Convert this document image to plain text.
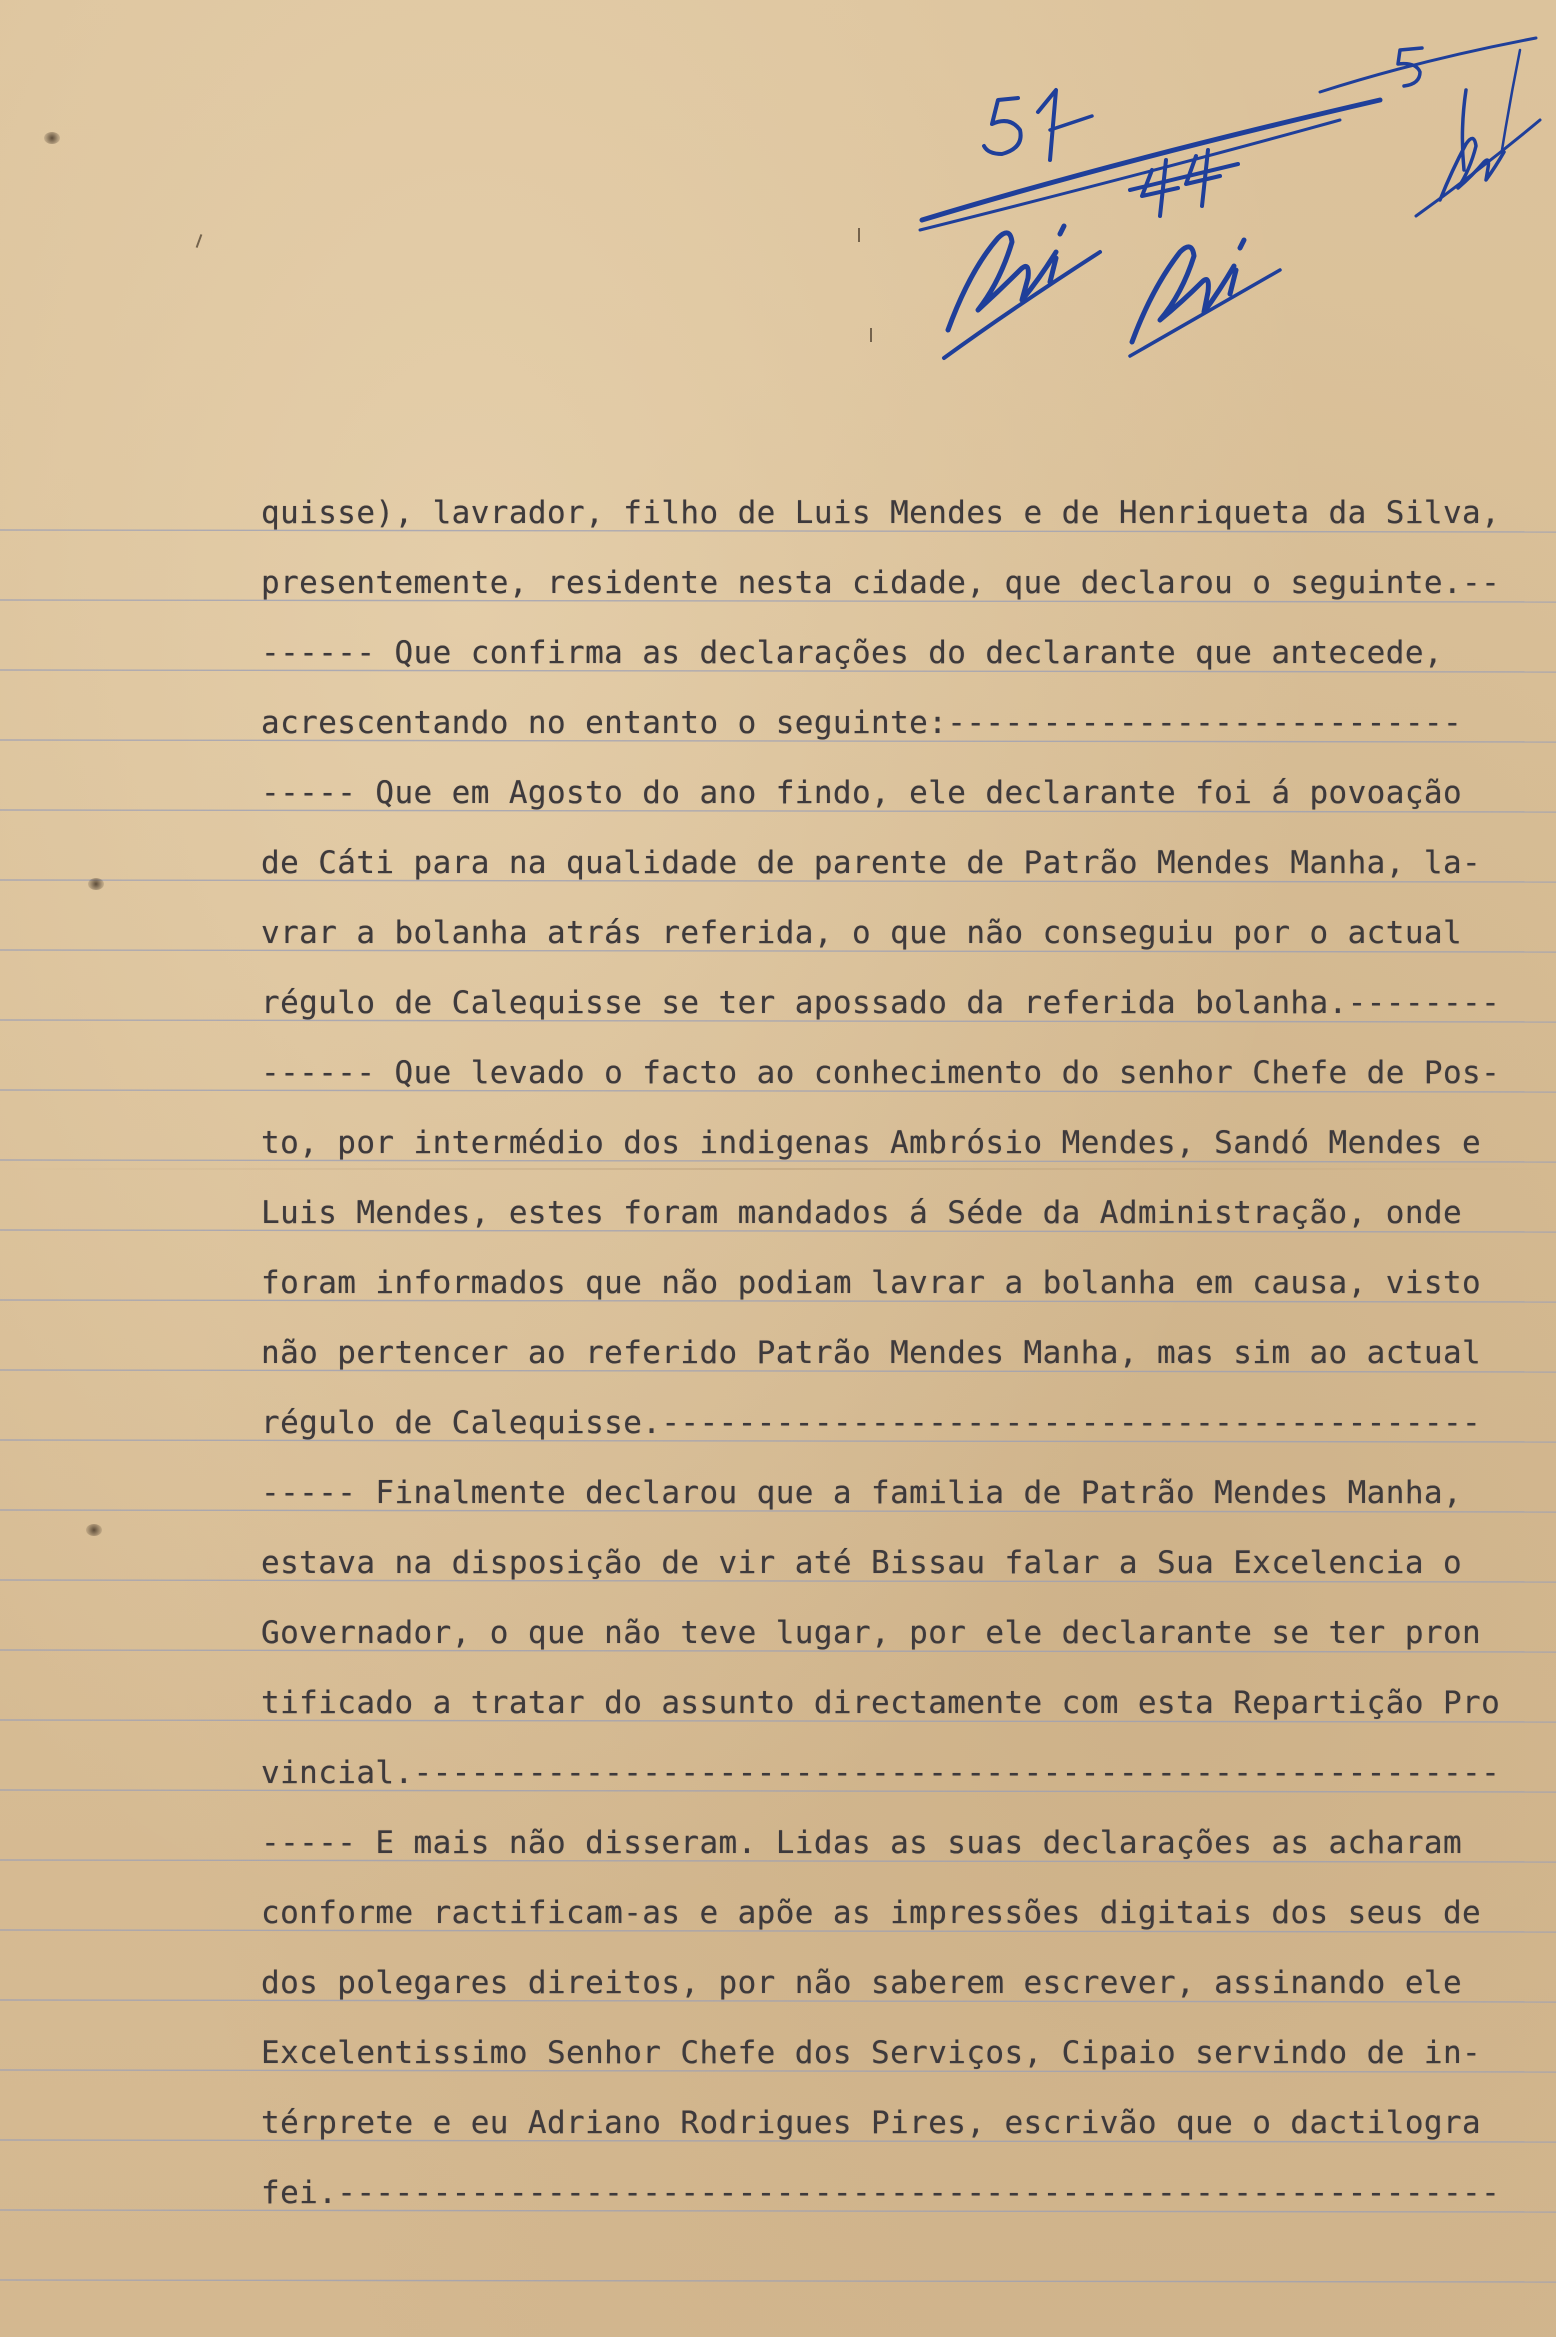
quisse), lavrador, filho de Luis Mendes e de Henriqueta da Silva,
presentemente, residente nesta cidade, que declarou o seguinte.--
------ Que confirma as declarações do declarante que antecede,
acrescentando no entanto o seguinte:---------------------------
----- Que em Agosto do ano findo, ele declarante foi á povoação
de Cáti para na qualidade de parente de Patrão Mendes Manha, la-
vrar a bolanha atrás referida, o que não conseguiu por o actual
régulo de Calequisse se ter apossado da referida bolanha.--------
------ Que levado o facto ao conhecimento do senhor Chefe de Pos-
to, por intermédio dos indigenas Ambrósio Mendes, Sandó Mendes e
Luis Mendes, estes foram mandados á Séde da Administração, onde
foram informados que não podiam lavrar a bolanha em causa, visto
não pertencer ao referido Patrão Mendes Manha, mas sim ao actual
régulo de Calequisse.-------------------------------------------
----- Finalmente declarou que a familia de Patrão Mendes Manha,
estava na disposição de vir até Bissau falar a Sua Excelencia o
Governador, o que não teve lugar, por ele declarante se ter pron
tificado a tratar do assunto directamente com esta Repartição Pro
vincial.---------------------------------------------------------
----- E mais não disseram. Lidas as suas declarações as acharam
conforme ractificam-as e apõe as impressões digitais dos seus de
dos polegares direitos, por não saberem escrever, assinando ele
Excelentissimo Senhor Chefe dos Serviços, Cipaio servindo de in-
térprete e eu Adriano Rodrigues Pires, escrivão que o dactilogra
fei.-------------------------------------------------------------
